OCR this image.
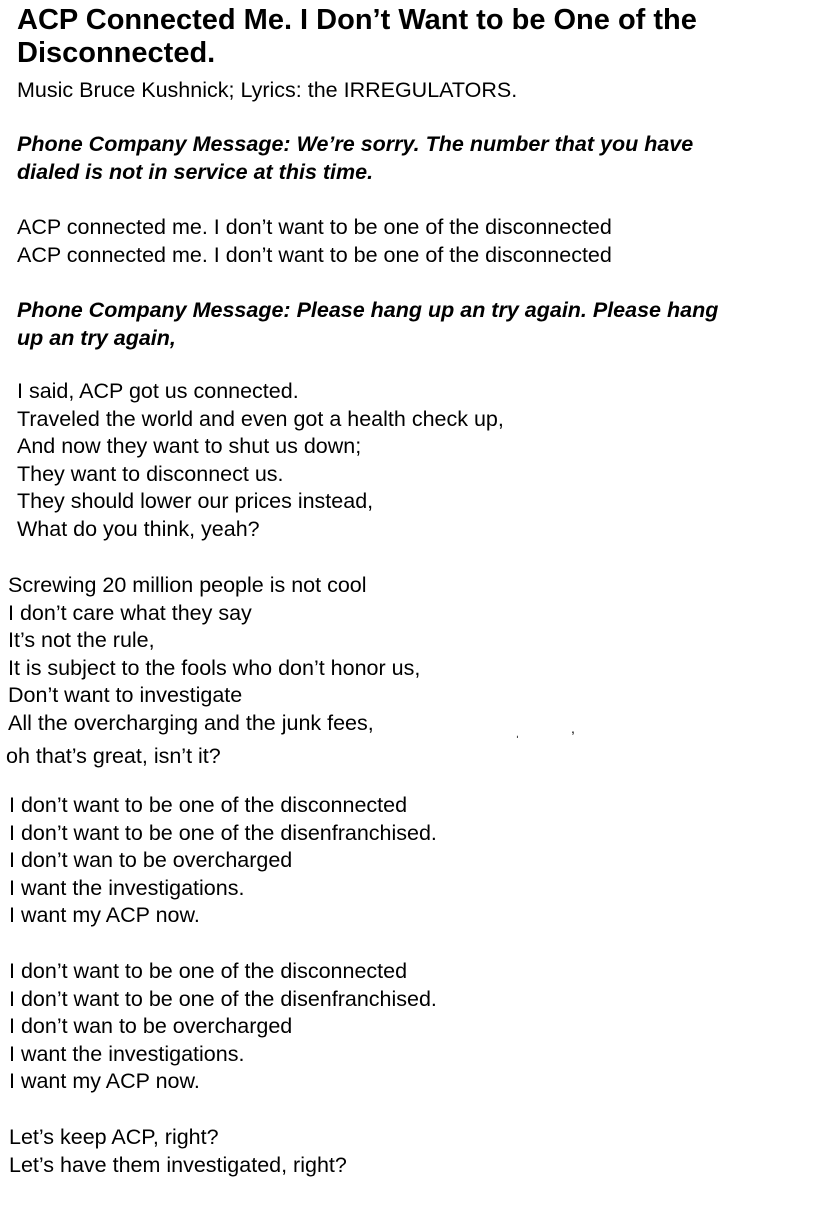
ACP Connected Me. I Don’t Want to be One of the Disconnected.
Music Bruce Kushnick; Lyrics: the IRREGULATORS.
Phone Company Message: We’re sorry. The number that you have
dialed is not in service at this time.
ACP connected me. I don’t want to be one of the disconnected
ACP connected me. I don’t want to be one of the disconnected
Phone Company Message: Please hang up an try again. Please hang
up an try again,
I said, ACP got us connected.
Traveled the world and even got a health check up,
And now they want to shut us down;
They want to disconnect us.
They should lower our prices instead,
What do you think, yeah?
Screwing 20 million people is not cool
I don’t care what they say
It’s not the rule,
It is subject to the fools who don’t honor us,
Don’t want to investigate
All the overcharging and the junk fees,	ˌ	,
oh that’s great, isn’t it?
I don’t want to be one of the disconnected
I don’t want to be one of the disenfranchised.
I don’t wan to be overcharged
I want the investigations.
I want my ACP now.
I don’t want to be one of the disconnected
I don’t want to be one of the disenfranchised.
I don’t wan to be overcharged
I want the investigations.
I want my ACP now.
Let’s keep ACP, right?
Let’s have them investigated, right?
